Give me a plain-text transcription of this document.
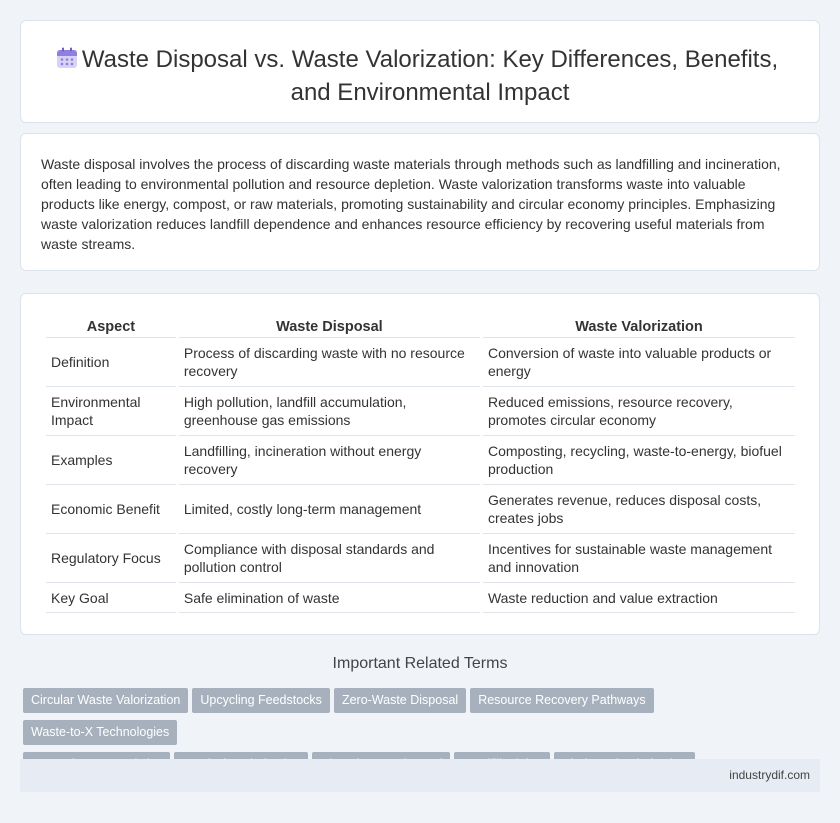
Waste Disposal vs. Waste Valorization: Key Differences, Benefits, and Environmental Impact

Waste disposal involves the process of discarding waste materials through methods such as landfilling and incineration, often leading to environmental pollution and resource depletion. Waste valorization transforms waste into valuable products like energy, compost, or raw materials, promoting sustainability and circular economy principles. Emphasizing waste valorization reduces landfill dependence and enhances resource efficiency by recovering useful materials from waste streams.

Aspect	Waste Disposal	Waste Valorization
Definition	Process of discarding waste with no resource recovery	Conversion of waste into valuable products or energy
Environmental Impact	High pollution, landfill accumulation, greenhouse gas emissions	Reduced emissions, resource recovery, promotes circular economy
Examples	Landfilling, incineration without energy recovery	Composting, recycling, waste-to-energy, biofuel production
Economic Benefit	Limited, costly long-term management	Generates revenue, reduces disposal costs, creates jobs
Regulatory Focus	Compliance with disposal standards and pollution control	Incentives for sustainable waste management and innovation
Key Goal	Safe elimination of waste	Waste reduction and value extraction
Important Related Terms
Circular Waste Valorization Upcycling Feedstocks Zero-Waste Disposal Resource Recovery PathwaysWaste-to-X Technologies

industrydif.com
